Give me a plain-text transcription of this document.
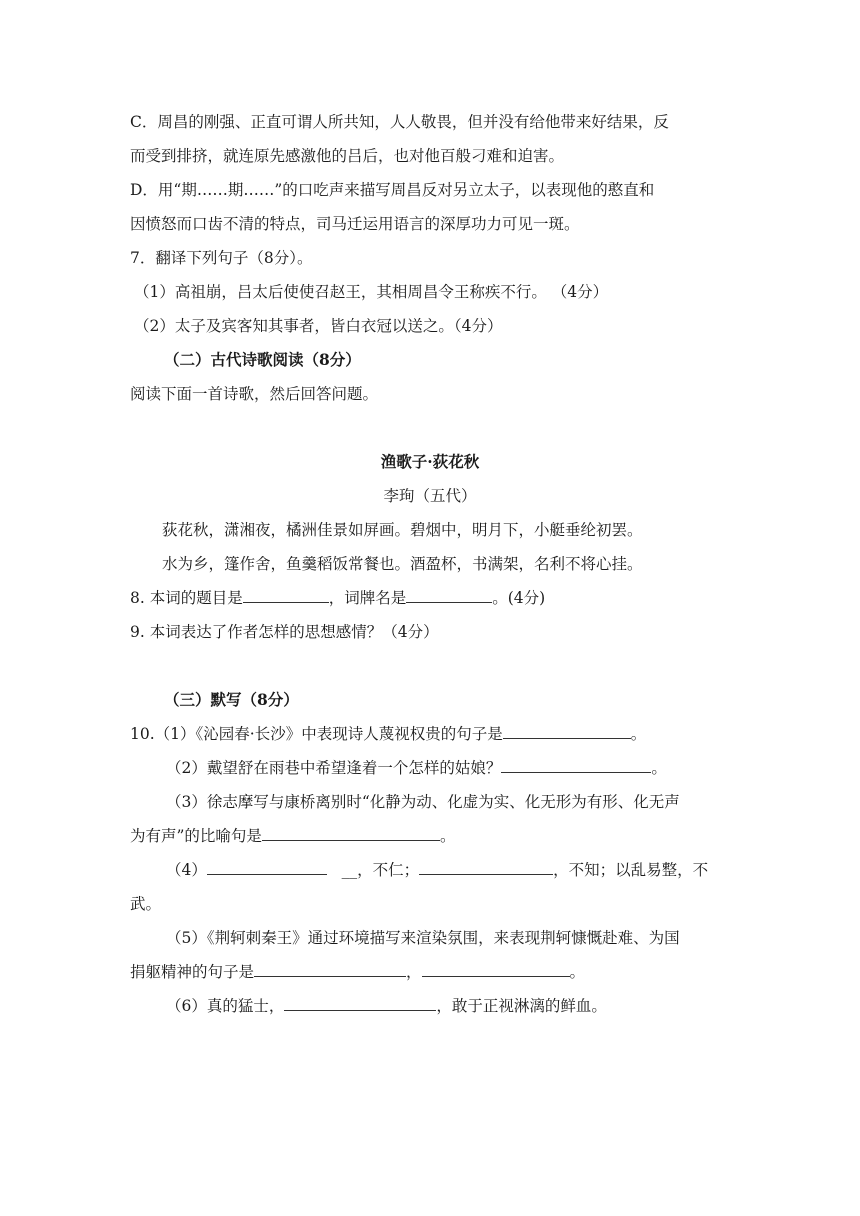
C．周昌的刚强、正直可谓人所共知，人人敬畏，但并没有给他带来好结果，反
而受到排挤，就连原先感激他的吕后，也对他百般刁难和迫害。
D．用“期……期……”的口吃声来描写周昌反对另立太子，以表现他的憨直和
因愤怒而口齿不清的特点，司马迁运用语言的深厚功力可见一斑。
7．翻译下列句子（8分）。
（1）高祖崩，吕太后使使召赵王，其相周昌令王称疾不行。 （4分）
（2）太子及宾客知其事者，皆白衣冠以送之。（4分）
（二）古代诗歌阅读（8分）
阅读下面一首诗歌，然后回答问题。
渔歌子·荻花秋
李珣（五代）
荻花秋，潇湘夜，橘洲佳景如屏画。碧烟中，明月下，小艇垂纶初罢。
水为乡，篷作舍，鱼羹稻饭常餐也。酒盈杯，书满架，名利不将心挂。
8. 本词的题目是	，词牌名是	。(4分)
9. 本词表达了作者怎样的思想感情？（4分）
（三）默写（8分）
10.（1）《沁园春·长沙》中表现诗人蔑视权贵的句子是	。
（2）戴望舒在雨巷中希望逢着一个怎样的姑娘？	。
（3）徐志摩写与康桥离别时“化静为动、化虚为实、化无形为有形、化无声
为有声”的比喻句是	。
（4）	__，不仁；	，不知；以乱易整，不
武。
（5）《荆轲刺秦王》通过环境描写来渲染氛围，来表现荆轲慷慨赴难、为国
捐躯精神的句子是	，	。
（6）真的猛士，	，敢于正视淋漓的鲜血。
